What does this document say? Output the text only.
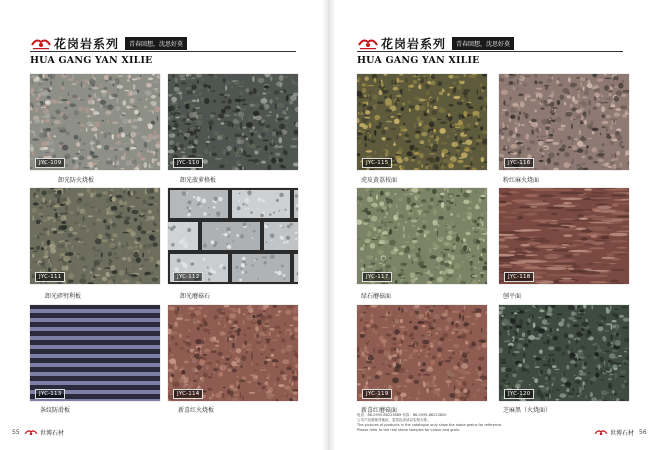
花岗岩系列	青春回想，沈思好莫
HUA GANG YAN XILIE
JYC-109
卸光防火烧板
JYC-110
卸光菠萝格板
JYC-111
卸光碎劈利板
JYC-112
卸光蘑菇石
JYC-113
条纹防滑板
JYC-114
新喜红火烧板
55	世博石材
花岗岩系列	青春回想，沈思好莫
HUA GANG YAN XILIE
JYC-115
虎皮黄荔枝面
JYC-116
粉红麻火烧面
JYC-117
绿石蘑菇面
JYC-118
刨平面
JYC-119
新喜红蘑菇面
JYC-120
芝麻黑（火烧面）
电话：86-0595-86223889 传真：86-0595-86223820
公司产品图案具雅致，鉴赏色泽请以实物为准。
The pictures of products in the catalogue only show the stone grains for reference.
Please refer to the real stone samples for colour and grain.	世博石材 56
